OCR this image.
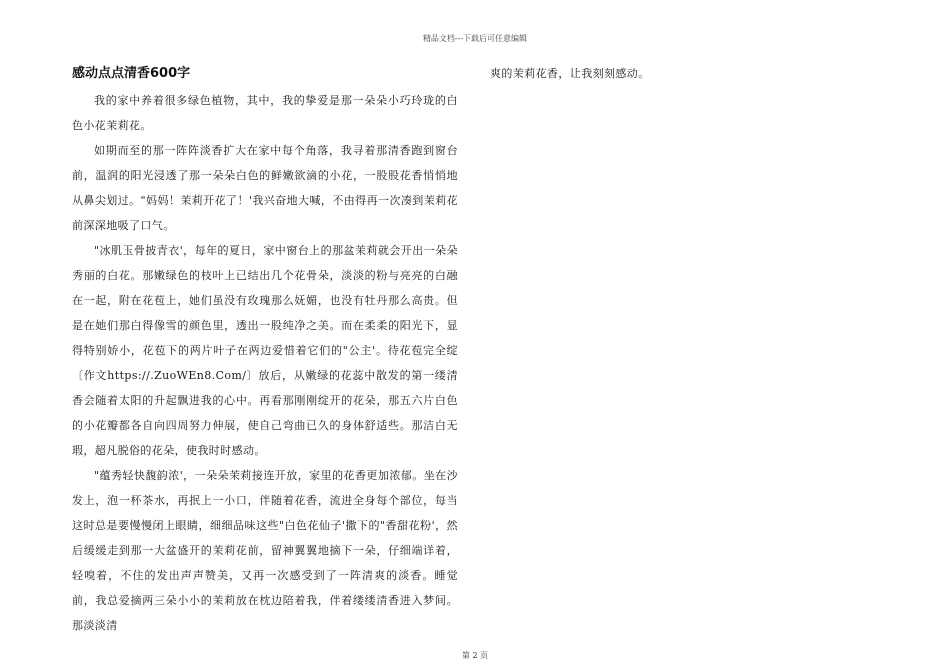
精品文档---下载后可任意编辑
感动点点清香600字

我的家中养着很多绿色植物，其中，我的挚爱是那一朵朵小巧玲珑的白色小花茉莉花。

如期而至的那一阵阵淡香扩大在家中每个角落，我寻着那清香跑到窗台前，温润的阳光浸透了那一朵朵白色的鲜嫩欲滴的小花，一股股花香悄悄地从鼻尖划过。"妈妈！茉莉开花了！'我兴奋地大喊，不由得再一次凑到茉莉花前深深地吸了口气。

"冰肌玉骨披青衣'，每年的夏日，家中窗台上的那盆茉莉就会开出一朵朵秀丽的白花。那嫩绿色的枝叶上已结出几个花骨朵，淡淡的粉与亮亮的白融在一起，附在花苞上，她们虽没有玫瑰那么妩媚，也没有牡丹那么高贵。但是在她们那白得像雪的颜色里，透出一股纯净之美。而在柔柔的阳光下，显得特别娇小，花苞下的两片叶子在两边爱惜着它们的"公主'。待花苞完全绽〔作文https://.ZuoWEn8.Com/〕放后，从嫩绿的花蕊中散发的第一缕清香会随着太阳的升起飘进我的心中。再看那刚刚绽开的花朵，那五六片白色的小花瓣都各自向四周努力伸展，使自己弯曲已久的身体舒适些。那洁白无瑕，超凡脱俗的花朵，使我时时感动。

"蕴秀轻快馥韵浓'，一朵朵茉莉接连开放，家里的花香更加浓郁。坐在沙发上，泡一杯茶水，再抿上一小口，伴随着花香，流进全身每个部位，每当这时总是要慢慢闭上眼睛，细细品味这些"白色花仙子'撒下的"香甜花粉'，然后缓缓走到那一大盆盛开的茉莉花前，留神翼翼地摘下一朵，仔细端详着，轻嗅着，不住的发出声声赞美，又再一次感受到了一阵清爽的淡香。睡觉前，我总爱摘两三朵小小的茉莉放在枕边陪着我，伴着缕缕清香进入梦间。那淡淡清

爽的茉莉花香，让我刻刻感动。

第 2 页
